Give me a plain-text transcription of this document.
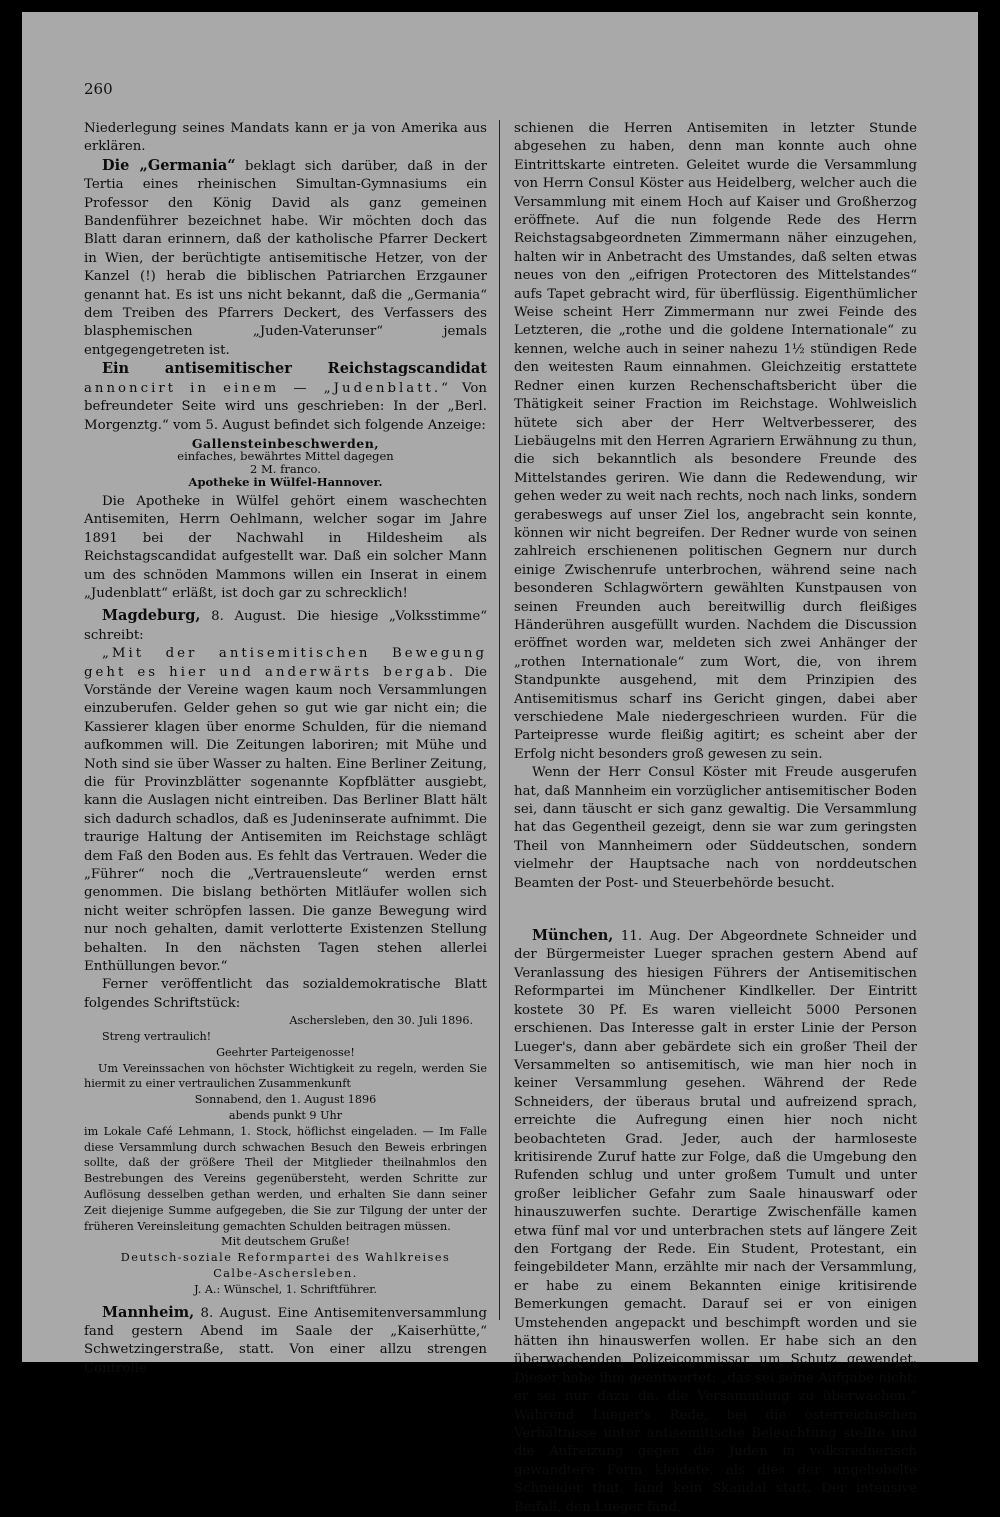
260

Niederlegung seines Mandats kann er ja von Amerika aus erklären.

Die „Germania“ beklagt sich darüber, daß in der Tertia eines rheinischen Simultan-Gymnasiums ein Professor den König David als ganz gemeinen Bandenführer bezeichnet habe. Wir möchten doch das Blatt daran erinnern, daß der katholische Pfarrer Deckert in Wien, der berüchtigte antisemitische Hetzer, von der Kanzel (!) herab die biblischen Patriarchen Erzgauner genannt hat. Es ist uns nicht bekannt, daß die „Germania“ dem Treiben des Pfarrers Deckert, des Verfassers des blasphemischen „Juden-Vaterunser“ jemals entgegengetreten ist.

Ein antisemitischer Reichstagscandidat annoncirt in einem — „Judenblatt.“ Von befreundeter Seite wird uns geschrieben: In der „Berl. Morgenztg.“ vom 5. August befindet sich folgende Anzeige:

Gallensteinbeschwerden,
einfaches, bewährtes Mittel dagegen
2 M. franco.
Apotheke in Wülfel-Hannover.

Die Apotheke in Wülfel gehört einem waschechten Antisemiten, Herrn Oehlmann, welcher sogar im Jahre 1891 bei der Nachwahl in Hildesheim als Reichstagscandidat aufgestellt war. Daß ein solcher Mann um des schnöden Mammons willen ein Inserat in einem „Judenblatt“ erläßt, ist doch gar zu schrecklich!

Magdeburg, 8. August. Die hiesige „Volksstimme“ schreibt:

„Mit der antisemitischen Bewegung geht es hier und anderwärts bergab. Die Vorstände der Vereine wagen kaum noch Versammlungen einzuberufen. Gelder gehen so gut wie gar nicht ein; die Kassierer klagen über enorme Schulden, für die niemand aufkommen will. Die Zeitungen laboriren; mit Mühe und Noth sind sie über Wasser zu halten. Eine Berliner Zeitung, die für Provinzblätter sogenannte Kopfblätter ausgiebt, kann die Auslagen nicht eintreiben. Das Berliner Blatt hält sich dadurch schadlos, daß es Judeninserate aufnimmt. Die traurige Haltung der Antisemiten im Reichstage schlägt dem Faß den Boden aus. Es fehlt das Vertrauen. Weder die „Führer“ noch die „Vertrauensleute“ werden ernst genommen. Die bislang bethörten Mitläufer wollen sich nicht weiter schröpfen lassen. Die ganze Bewegung wird nur noch gehalten, damit verlotterte Existenzen Stellung behalten. In den nächsten Tagen stehen allerlei Enthüllungen bevor.“

Ferner veröffentlicht das sozialdemokratische Blatt folgendes Schriftstück:

Aschersleben, den 30. Juli 1896.
Streng vertraulich!
Geehrter Parteigenosse!

Um Vereinssachen von höchster Wichtigkeit zu regeln, werden Sie hiermit zu einer vertraulichen Zusammenkunft

Sonnabend, den 1. August 1896
abends punkt 9 Uhr

im Lokale Café Lehmann, 1. Stock, höflichst eingeladen. — Im Falle diese Versammlung durch schwachen Besuch den Beweis erbringen sollte, daß der größere Theil der Mitglieder theilnahmlos den Bestrebungen des Vereins gegenübersteht, werden Schritte zur Auflösung desselben gethan werden, und erhalten Sie dann seiner Zeit diejenige Summe aufgegeben, die Sie zur Tilgung der unter der früheren Vereinsleitung gemachten Schulden beitragen müssen.

Mit deutschem Gruße!
Deutsch-soziale Reformpartei des Wahlkreises
Calbe-Aschersleben.
J. A.: Wünschel, 1. Schriftführer.

Mannheim, 8. August. Eine Antisemitenversammlung fand gestern Abend im Saale der „Kaiserhütte,“ Schwetzingerstraße, statt. Von einer allzu strengen Controlle

schienen die Herren Antisemiten in letzter Stunde abgesehen zu haben, denn man konnte auch ohne Eintrittskarte eintreten. Geleitet wurde die Versammlung von Herrn Consul Köster aus Heidelberg, welcher auch die Versammlung mit einem Hoch auf Kaiser und Großherzog eröffnete. Auf die nun folgende Rede des Herrn Reichstagsabgeordneten Zimmermann näher einzugehen, halten wir in Anbetracht des Umstandes, daß selten etwas neues von den „eifrigen Protectoren des Mittelstandes“ aufs Tapet gebracht wird, für überflüssig. Eigenthümlicher Weise scheint Herr Zimmermann nur zwei Feinde des Letzteren, die „rothe und die goldene Internationale“ zu kennen, welche auch in seiner nahezu 1½ stündigen Rede den weitesten Raum einnahmen. Gleichzeitig erstattete Redner einen kurzen Rechenschaftsbericht über die Thätigkeit seiner Fraction im Reichstage. Wohlweislich hütete sich aber der Herr Weltverbesserer, des Liebäugelns mit den Herren Agrariern Erwähnung zu thun, die sich bekanntlich als besondere Freunde des Mittelstandes geriren. Wie dann die Redewendung, wir gehen weder zu weit nach rechts, noch nach links, sondern gerabeswegs auf unser Ziel los, angebracht sein konnte, können wir nicht begreifen. Der Redner wurde von seinen zahlreich erschienenen politischen Gegnern nur durch einige Zwischenrufe unterbrochen, während seine nach besonderen Schlagwörtern gewählten Kunstpausen von seinen Freunden auch bereitwillig durch fleißiges Händerühren ausgefüllt wurden. Nachdem die Discussion eröffnet worden war, meldeten sich zwei Anhänger der „rothen Internationale“ zum Wort, die, von ihrem Standpunkte ausgehend, mit dem Prinzipien des Antisemitismus scharf ins Gericht gingen, dabei aber verschiedene Male niedergeschrieen wurden. Für die Parteipresse wurde fleißig agitirt; es scheint aber der Erfolg nicht besonders groß gewesen zu sein.

Wenn der Herr Consul Köster mit Freude ausgerufen hat, daß Mannheim ein vorzüglicher antisemitischer Boden sei, dann täuscht er sich ganz gewaltig. Die Versammlung hat das Gegentheil gezeigt, denn sie war zum geringsten Theil von Mannheimern oder Süddeutschen, sondern vielmehr der Hauptsache nach von norddeutschen Beamten der Post- und Steuerbehörde besucht.

München, 11. Aug. Der Abgeordnete Schneider und der Bürgermeister Lueger sprachen gestern Abend auf Veranlassung des hiesigen Führers der Antisemitischen Reformpartei im Münchener Kindlkeller. Der Eintritt kostete 30 Pf. Es waren vielleicht 5000 Personen erschienen. Das Interesse galt in erster Linie der Person Lueger's, dann aber gebärdete sich ein großer Theil der Versammelten so antisemitisch, wie man hier noch in keiner Versammlung gesehen. Während der Rede Schneiders, der überaus brutal und aufreizend sprach, erreichte die Aufregung einen hier noch nicht beobachteten Grad. Jeder, auch der harmloseste kritisirende Zuruf hatte zur Folge, daß die Umgebung den Rufenden schlug und unter großem Tumult und unter großer leiblicher Gefahr zum Saale hinauswarf oder hinauszuwerfen suchte. Derartige Zwischenfälle kamen etwa fünf mal vor und unterbrachen stets auf längere Zeit den Fortgang der Rede. Ein Student, Protestant, ein feingebildeter Mann, erzählte mir nach der Versammlung, er habe zu einem Bekannten einige kritisirende Bemerkungen gemacht. Darauf sei er von einigen Umstehenden angepackt und beschimpft worden und sie hätten ihn hinauswerfen wollen. Er habe sich an den überwachenden Polizeicommissar um Schutz gewendet. Dieser habe ihm geantwortet: „das sei seine Aufgabe nicht; er sei nur dazu da, die Versammlung zu überwachen.“ Während Lueger's Rede, bei die österreichischen Verhältnisse unter antisemitische Beleuchtung stellte und die Aufreizung gegen die Juden in volksrednerisch gewandtere Form kleidete, als dies der ungehobelte Schneider that, fand kein Skandal statt. Der intensive Beifall, den Lueger fand,
